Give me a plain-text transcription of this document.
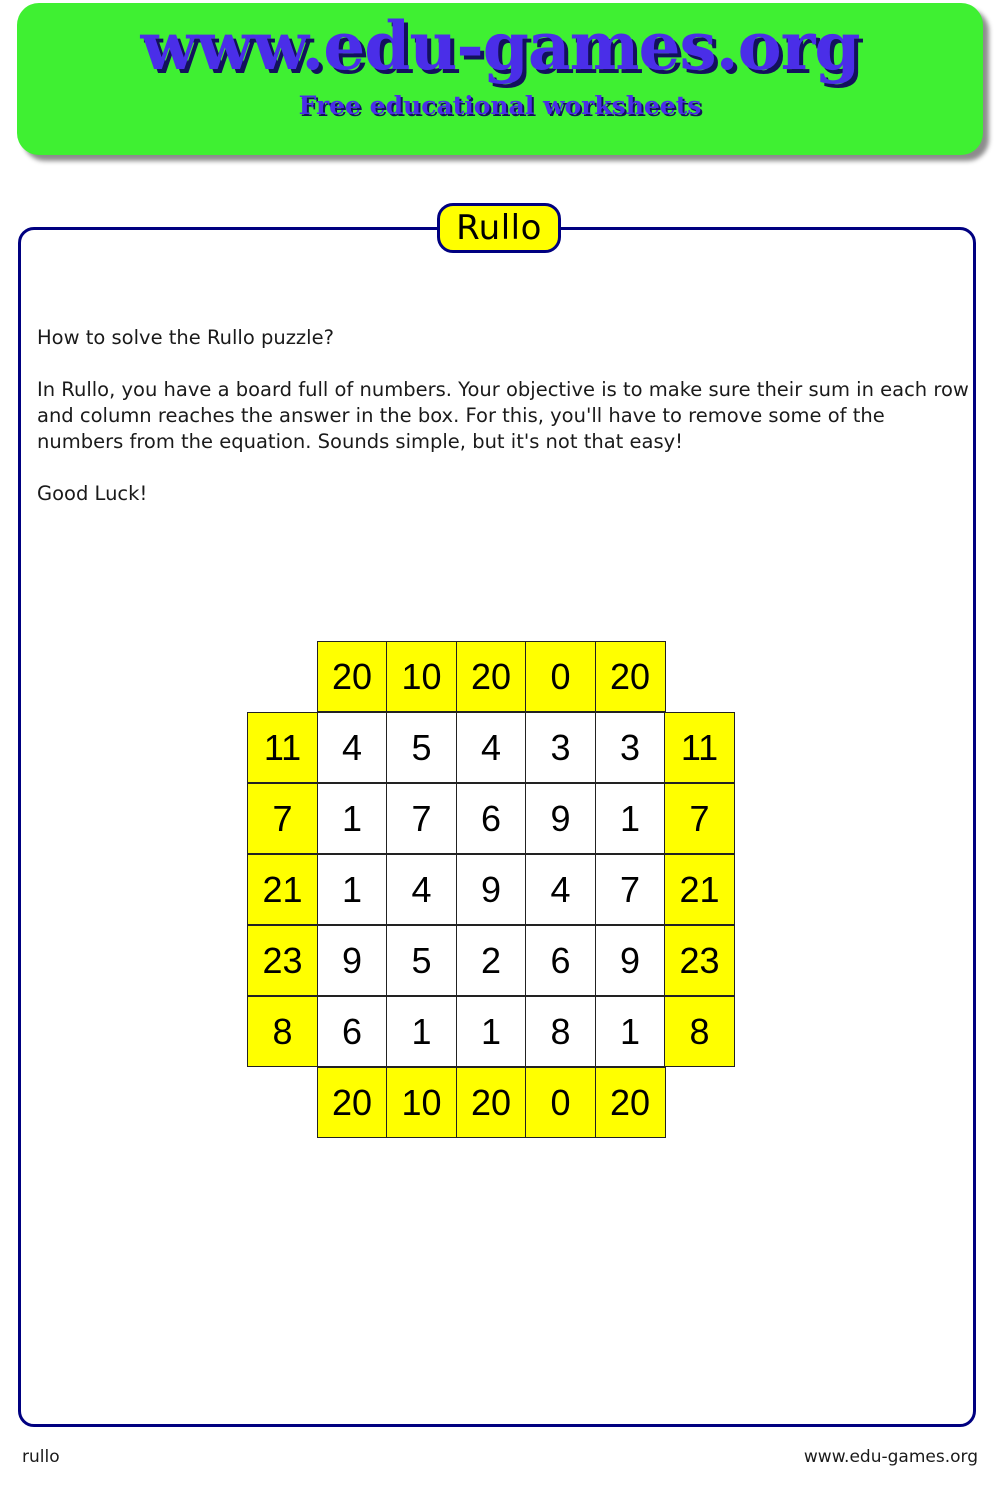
www.edu-games.org
Free educational worksheets
Rullo

How to solve the Rullo puzzle?

In Rullo, you have a board full of numbers. Your objective is to make sure their sum in each row and column reaches the answer in the box. For this, you'll have to remove some of the numbers from the equation. Sounds simple, but it's not that easy!

Good Luck!

20 10 20	0	20
11	4	5	4	3	3	11
7	1	7	6	9	1	7
21	1	4	9	4	7	21
23	9	5	2	6	9	23
8	6	1	1	8	1	8
20 10 20	0	20
rullo	www.edu-games.org
